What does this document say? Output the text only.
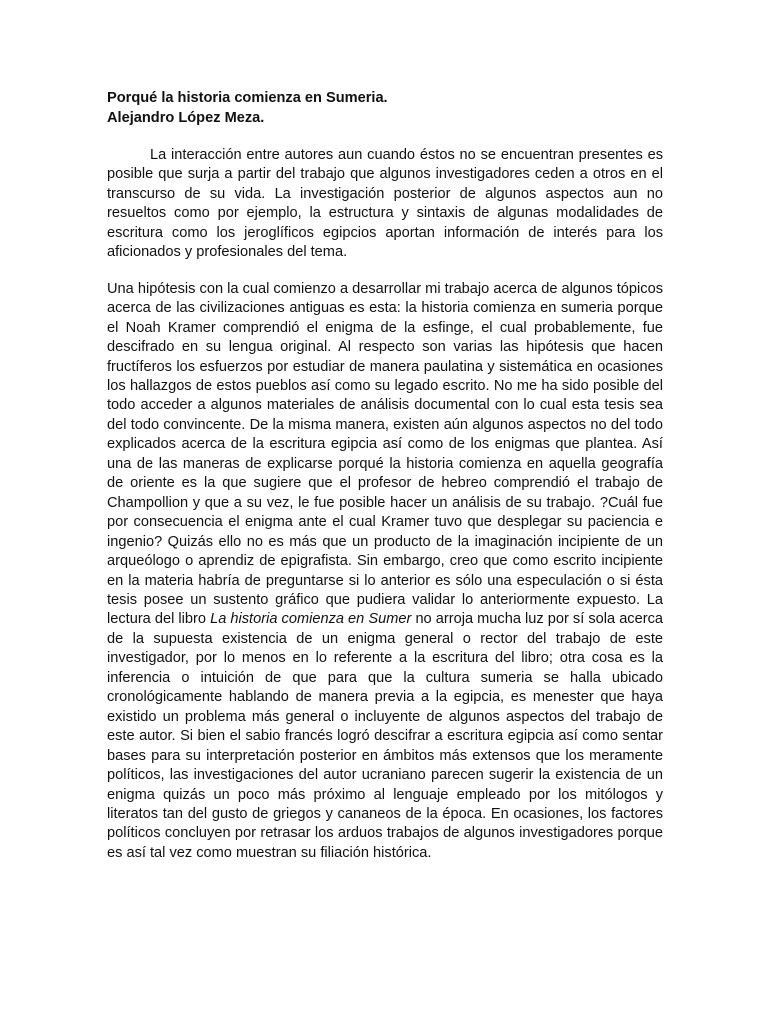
Porqué la historia comienza en Sumeria.

Alejandro López Meza.

La interacción entre autores aun cuando éstos no se encuentran presentes es posible que surja a partir del trabajo que algunos investigadores ceden a otros en el transcurso de su vida. La investigación posterior de algunos aspectos aun no resueltos como por ejemplo, la estructura y sintaxis de algunas modalidades de escritura como los jeroglíficos egipcios aportan información de interés para los aficionados y profesionales del tema.

Una hipótesis con la cual comienzo a desarrollar mi trabajo acerca de algunos tópicos acerca de las civilizaciones antiguas es esta: la historia comienza en sumeria porque el Noah Kramer comprendió el enigma de la esfinge, el cual probablemente, fue descifrado en su lengua original. Al respecto son varias las hipótesis que hacen fructíferos los esfuerzos por estudiar de manera paulatina y sistemática en ocasiones los hallazgos de estos pueblos así como su legado escrito. No me ha sido posible del todo acceder a algunos materiales de análisis documental con lo cual esta tesis sea del todo convincente. De la misma manera, existen aún algunos aspectos no del todo explicados acerca de la escritura egipcia así como de los enigmas que plantea. Así una de las maneras de explicarse porqué la historia comienza en aquella geografía de oriente es la que sugiere que el profesor de hebreo comprendió el trabajo de Champollion y que a su vez, le fue posible hacer un análisis de su trabajo. ?Cuál fue por consecuencia el enigma ante el cual Kramer tuvo que desplegar su paciencia e ingenio? Quizás ello no es más que un producto de la imaginación incipiente de un arqueólogo o aprendiz de epigrafista. Sin embargo, creo que como escrito incipiente en la materia habría de preguntarse si lo anterior es sólo una especulación o si ésta tesis posee un sustento gráfico que pudiera validar lo anteriormente expuesto. La lectura del libro La historia comienza en Sumer no arroja mucha luz por sí sola acerca de la supuesta existencia de un enigma general o rector del trabajo de este investigador, por lo menos en lo referente a la escritura del libro; otra cosa es la inferencia o intuición de que para que la cultura sumeria se halla ubicado cronológicamente hablando de manera previa a la egipcia, es menester que haya existido un problema más general o incluyente de algunos aspectos del trabajo de este autor. Si bien el sabio francés logró descifrar a escritura egipcia así como sentar bases para su interpretación posterior en ámbitos más extensos que los meramente políticos, las investigaciones del autor ucraniano parecen sugerir la existencia de un enigma quizás un poco más próximo al lenguaje empleado por los mitólogos y literatos tan del gusto de griegos y cananeos de la época. En ocasiones, los factores políticos concluyen por retrasar los arduos trabajos de algunos investigadores porque es así tal vez como muestran su filiación histórica.
